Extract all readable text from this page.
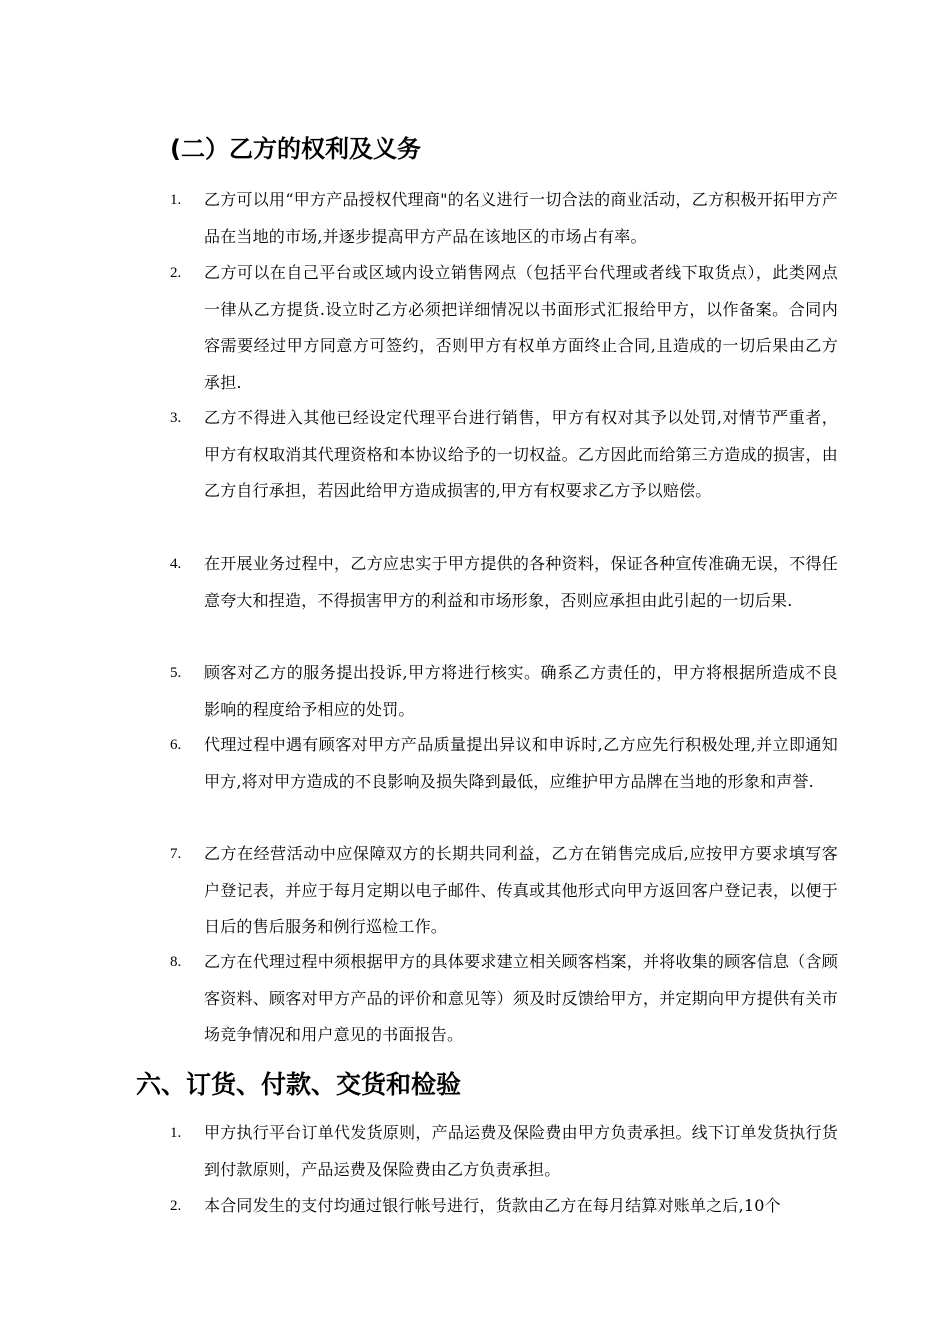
(二）乙方的权利及义务
1.	乙方可以用“甲方产品授权代理商"的名义进行一切合法的商业活动，乙方积极开拓甲方产品在当地的市场,并逐步提高甲方产品在该地区的市场占有率。
2.	乙方可以在自己平台或区域内设立销售网点（包括平台代理或者线下取货点），此类网点一律从乙方提货.设立时乙方必须把详细情况以书面形式汇报给甲方，以作备案。合同内容需要经过甲方同意方可签约，否则甲方有权单方面终止合同,且造成的一切后果由乙方承担.
3.	乙方不得进入其他已经设定代理平台进行销售，甲方有权对其予以处罚,对情节严重者，甲方有权取消其代理资格和本协议给予的一切权益。乙方因此而给第三方造成的损害，由乙方自行承担，若因此给甲方造成损害的,甲方有权要求乙方予以赔偿。
4.	在开展业务过程中，乙方应忠实于甲方提供的各种资料，保证各种宣传准确无误，不得任意夸大和捏造，不得损害甲方的利益和市场形象，否则应承担由此引起的一切后果.
5.	顾客对乙方的服务提出投诉,甲方将进行核实。确系乙方责任的，甲方将根据所造成不良影响的程度给予相应的处罚。
6.	代理过程中遇有顾客对甲方产品质量提出异议和申诉时,乙方应先行积极处理,并立即通知甲方,将对甲方造成的不良影响及损失降到最低，应维护甲方品牌在当地的形象和声誉.
7.	乙方在经营活动中应保障双方的长期共同利益，乙方在销售完成后,应按甲方要求填写客户登记表，并应于每月定期以电子邮件、传真或其他形式向甲方返回客户登记表，以便于日后的售后服务和例行巡检工作。
8.	乙方在代理过程中须根据甲方的具体要求建立相关顾客档案，并将收集的顾客信息（含顾客资料、顾客对甲方产品的评价和意见等）须及时反馈给甲方，并定期向甲方提供有关市场竞争情况和用户意见的书面报告。
六、订货、付款、交货和检验
1.	甲方执行平台订单代发货原则，产品运费及保险费由甲方负责承担。线下订单发货执行货到付款原则，产品运费及保险费由乙方负责承担。
2.	本合同发生的支付均通过银行帐号进行，货款由乙方在每月结算对账单之后,10个
